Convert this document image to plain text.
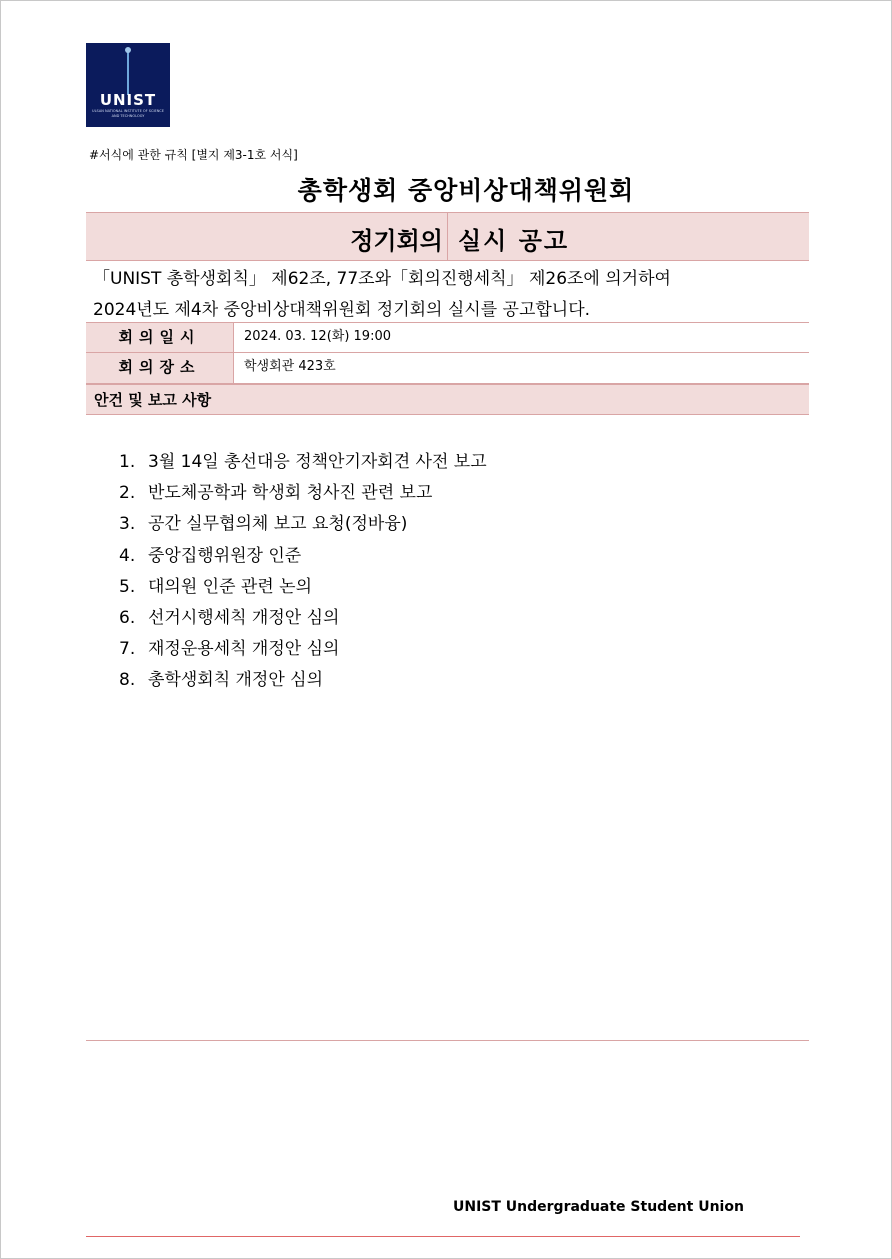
UNIST
ULSAN NATIONAL INSTITUTE OF SCIENCE AND TECHNOLOGY
#서식에 관한 규칙 [별지 제3-1호 서식]
총학생회 중앙비상대책위원회
정기회의 실시 공고
「UNIST 총학생회칙」 제62조, 77조와「회의진행세칙」 제26조에 의거하여
2024년도 제4차 중앙비상대책위원회 정기회의 실시를 공고합니다.
회의일시	2024. 03. 12(화) 19:00
회의장소	학생회관 423호
안건 및 보고 사항
1. 3월 14일 총선대응 정책안기자회견 사전 보고
2. 반도체공학과 학생회 청사진 관련 보고
3. 공간 실무협의체 보고 요청(정바융)
4. 중앙집행위원장 인준
5. 대의원 인준 관련 논의
6. 선거시행세칙 개정안 심의
7. 재정운용세칙 개정안 심의
8. 총학생회칙 개정안 심의
UNIST Undergraduate Student Union
